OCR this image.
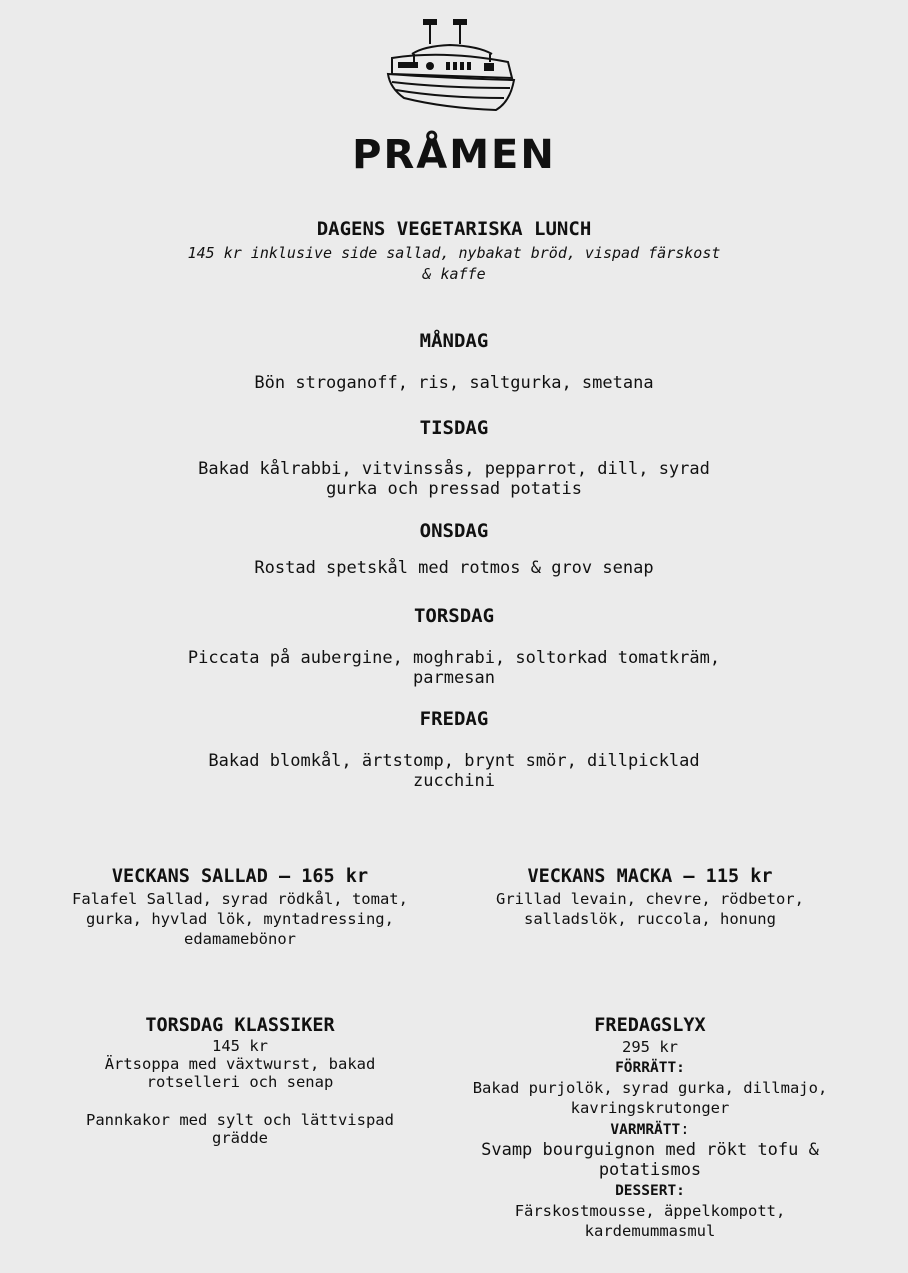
PRÅMEN
DAGENS VEGETARISKA LUNCH
145 kr inklusive side sallad, nybakat bröd, vispad färskost
& kaffe
MÅNDAG
Bön stroganoff, ris, saltgurka, smetana
TISDAG
Bakad kålrabbi, vitvinssås, pepparrot, dill, syrad
gurka och pressad potatis
ONSDAG
Rostad spetskål med rotmos & grov senap
TORSDAG
Piccata på aubergine, moghrabi, soltorkad tomatkräm,
parmesan
FREDAG
Bakad blomkål, ärtstomp, brynt smör, dillpicklad
zucchini
VECKANS SALLAD – 165 kr
Falafel Sallad, syrad rödkål, tomat,
gurka, hyvlad lök, myntadressing,
edamamebönor
VECKANS MACKA – 115 kr
Grillad levain, chevre, rödbetor,
salladslök, ruccola, honung
TORSDAG KLASSIKER
145 kr
Ärtsoppa med växtwurst, bakad
rotselleri och senap
Pannkakor med sylt och lättvispad
grädde
FREDAGSLYX
295 kr
FÖRRÄTT:
Bakad purjolök, syrad gurka, dillmajo,
kavringskrutonger
VARMRÄTT:
Svamp bourguignon med rökt tofu &
potatismos
DESSERT:
Färskostmousse, äppelkompott,
kardemummasmul
